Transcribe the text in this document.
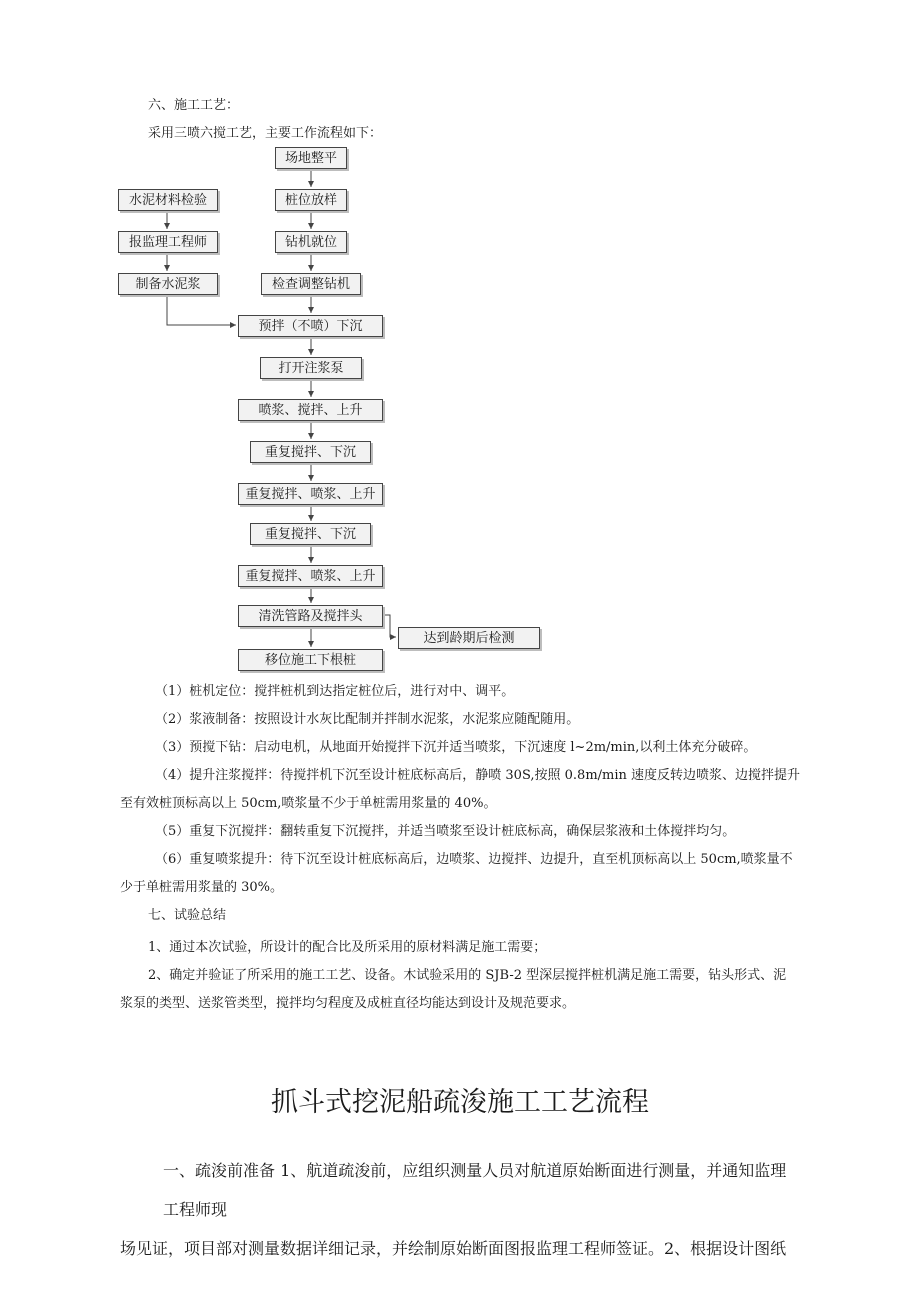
六、施工工艺：
采用三喷六搅工艺，主要工作流程如下：
场地整平
桩位放样
钻机就位
检查调整钻机
预拌（不喷）下沉
打开注浆泵
喷浆、搅拌、上升
重复搅拌、下沉
重复搅拌、喷浆、上升
重复搅拌、下沉
重复搅拌、喷浆、上升
清洗管路及搅拌头
移位施工下根桩
水泥材料检验
报监理工程师
制备水泥浆
达到龄期后检测
（1）桩机定位：搅拌桩机到达指定桩位后，进行对中、调平。
（2）浆液制备：按照设计水灰比配制并拌制水泥浆，水泥浆应随配随用。
（3）预搅下钻：启动电机，从地面开始搅拌下沉并适当喷浆，下沉速度 l~2m/min,以利土体充分破碎。
（4）提升注浆搅拌：待搅拌机下沉至设计桩底标高后，静喷 30S,按照 0.8m/min 速度反转边喷浆、边搅拌提升
至有效桩顶标高以上 50cm,喷浆量不少于单桩需用浆量的 40%。
（5）重复下沉搅拌：翻转重复下沉搅拌，并适当喷浆至设计桩底标高，确保层浆液和土体搅拌均匀。
（6）重复喷浆提升：待下沉至设计桩底标高后，边喷浆、边搅拌、边提升，直至机顶标高以上 50cm,喷浆量不
少于单桩需用浆量的 30%。
七、试验总结
1、通过本次试验，所设计的配合比及所采用的原材料满足施工需要；
2、确定并验证了所采用的施工工艺、设备。木试验采用的 SJB-2 型深层搅拌桩机满足施工需要，钻头形式、泥
浆泵的类型、送浆管类型，搅拌均匀程度及成桩直径均能达到设计及规范要求。
抓斗式挖泥船疏浚施工工艺流程
一、疏浚前准备 1、航道疏浚前，应组织测量人员对航道原始断面进行测量，并通知监理
工程师现
场见证，项目部对测量数据详细记录，并绘制原始断面图报监理工程师签证。2、根据设计图纸
